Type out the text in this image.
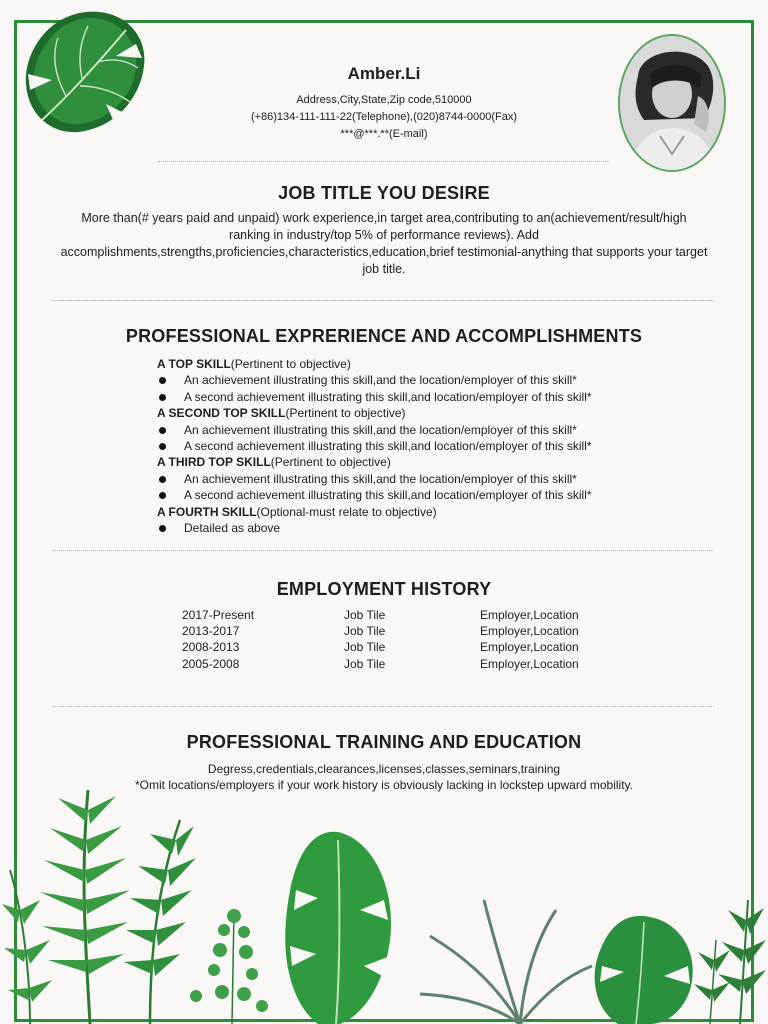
Amber.Li
Address,City,State,Zip code,510000
(+86)134-111-111-22(Telephone),(020)8744-0000(Fax)
***@***.**(E-mail)
JOB TITLE YOU DESIRE
More than(# years paid and unpaid) work experience,in target area,contributing to an(achievement/result/high
ranking in industry/top 5% of performance reviews). Add
accomplishments,strengths,proficiencies,characteristics,education,brief testimonial-anything that supports your target
job title.
PROFESSIONAL EXPRERIENCE AND ACCOMPLISHMENTS
A TOP SKILL(Pertinent to objective)
An achievement illustrating this skill,and the location/employer of this skill*
A second achievement illustrating this skill,and location/employer of this skill*
A SECOND TOP SKILL(Pertinent to objective)
An achievement illustrating this skill,and the location/employer of this skill*
A second achievement illustrating this skill,and location/employer of this skill*
A THIRD TOP SKILL(Pertinent to objective)
An achievement illustrating this skill,and the location/employer of this skill*
A second achievement illustrating this skill,and location/employer of this skill*
A FOURTH SKILL(Optional-must relate to objective)
Detailed as above
EMPLOYMENT HISTORY
2017-Present	Job Tile	Employer,Location
2013-2017	Job Tile	Employer,Location
2008-2013	Job Tile	Employer,Location
2005-2008	Job Tile	Employer,Location
PROFESSIONAL TRAINING AND EDUCATION
Degress,credentials,clearances,licenses,classes,seminars,training
*Omit locations/employers if your work history is obviously lacking in lockstep upward mobility.
